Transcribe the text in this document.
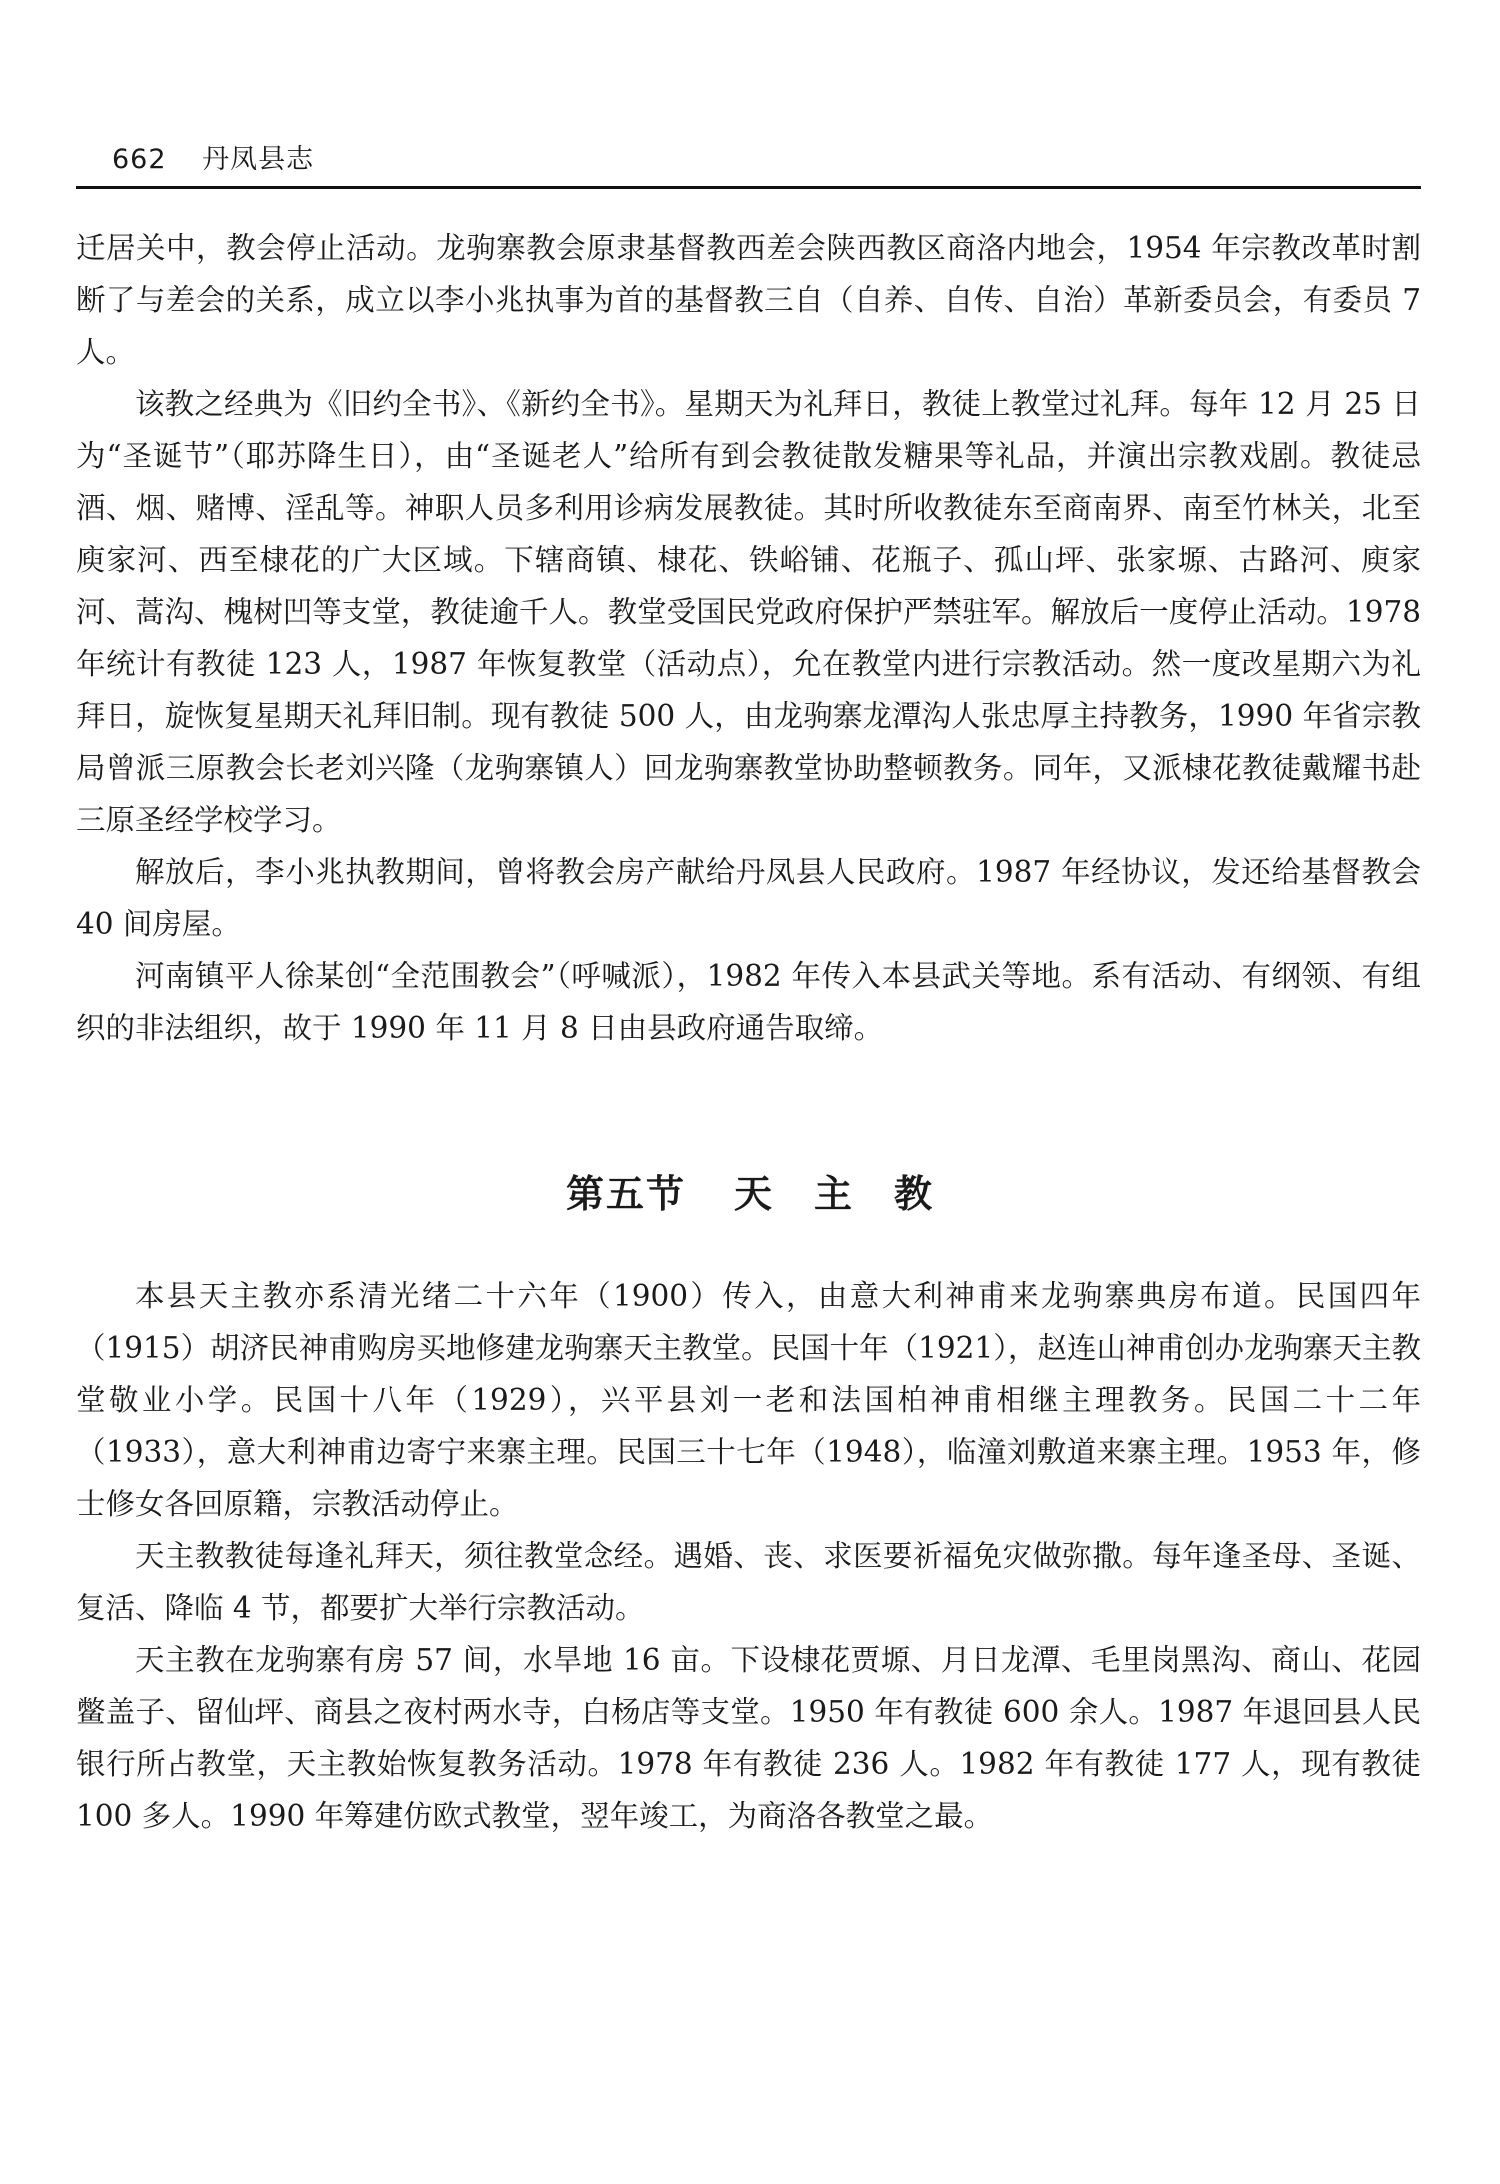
662 丹凤县志

迁居关中，教会停止活动。龙驹寨教会原隶基督教西差会陕西教区商洛内地会，1954 年宗教改革时割断了与差会的关系，成立以李小兆执事为首的基督教三自（自养、自传、自治）革新委员会，有委员 7 人。

该教之经典为《旧约全书》、《新约全书》。星期天为礼拜日，教徒上教堂过礼拜。每年 12 月 25 日为“圣诞节”（耶苏降生日），由“圣诞老人”给所有到会教徒散发糖果等礼品，并演出宗教戏剧。教徒忌酒、烟、赌博、淫乱等。神职人员多利用诊病发展教徒。其时所收教徒东至商南界、南至竹林关，北至庾家河、西至棣花的广大区域。下辖商镇、棣花、铁峪铺、花瓶子、孤山坪、张家塬、古路河、庾家河、蒿沟、槐树凹等支堂，教徒逾千人。教堂受国民党政府保护严禁驻军。解放后一度停止活动。1978 年统计有教徒 123 人，1987 年恢复教堂（活动点），允在教堂内进行宗教活动。然一度改星期六为礼拜日，旋恢复星期天礼拜旧制。现有教徒 500 人，由龙驹寨龙潭沟人张忠厚主持教务，1990 年省宗教局曾派三原教会长老刘兴隆（龙驹寨镇人）回龙驹寨教堂协助整顿教务。同年，又派棣花教徒戴耀书赴三原圣经学校学习。

解放后，李小兆执教期间，曾将教会房产献给丹凤县人民政府。1987 年经协议，发还给基督教会 40 间房屋。

河南镇平人徐某创“全范围教会”（呼喊派），1982 年传入本县武关等地。系有活动、有纲领、有组织的非法组织，故于 1990 年 11 月 8 日由县政府通告取缔。

第五节 天　主　教

本县天主教亦系清光绪二十六年（1900）传入，由意大利神甫来龙驹寨典房布道。民国四年（1915）胡济民神甫购房买地修建龙驹寨天主教堂。民国十年（1921），赵连山神甫创办龙驹寨天主教堂敬业小学。民国十八年（1929），兴平县刘一老和法国柏神甫相继主理教务。民国二十二年（1933），意大利神甫边寄宁来寨主理。民国三十七年（1948），临潼刘敷道来寨主理。1953 年，修士修女各回原籍，宗教活动停止。

天主教教徒每逢礼拜天，须往教堂念经。遇婚、丧、求医要祈福免灾做弥撒。每年逢圣母、圣诞、复活、降临 4 节，都要扩大举行宗教活动。

天主教在龙驹寨有房 57 间，水旱地 16 亩。下设棣花贾塬、月日龙潭、毛里岗黑沟、商山、花园鳖盖子、留仙坪、商县之夜村两水寺，白杨店等支堂。1950 年有教徒 600 余人。1987 年退回县人民银行所占教堂，天主教始恢复教务活动。1978 年有教徒 236 人。1982 年有教徒 177 人，现有教徒 100 多人。1990 年筹建仿欧式教堂，翌年竣工，为商洛各教堂之最。
